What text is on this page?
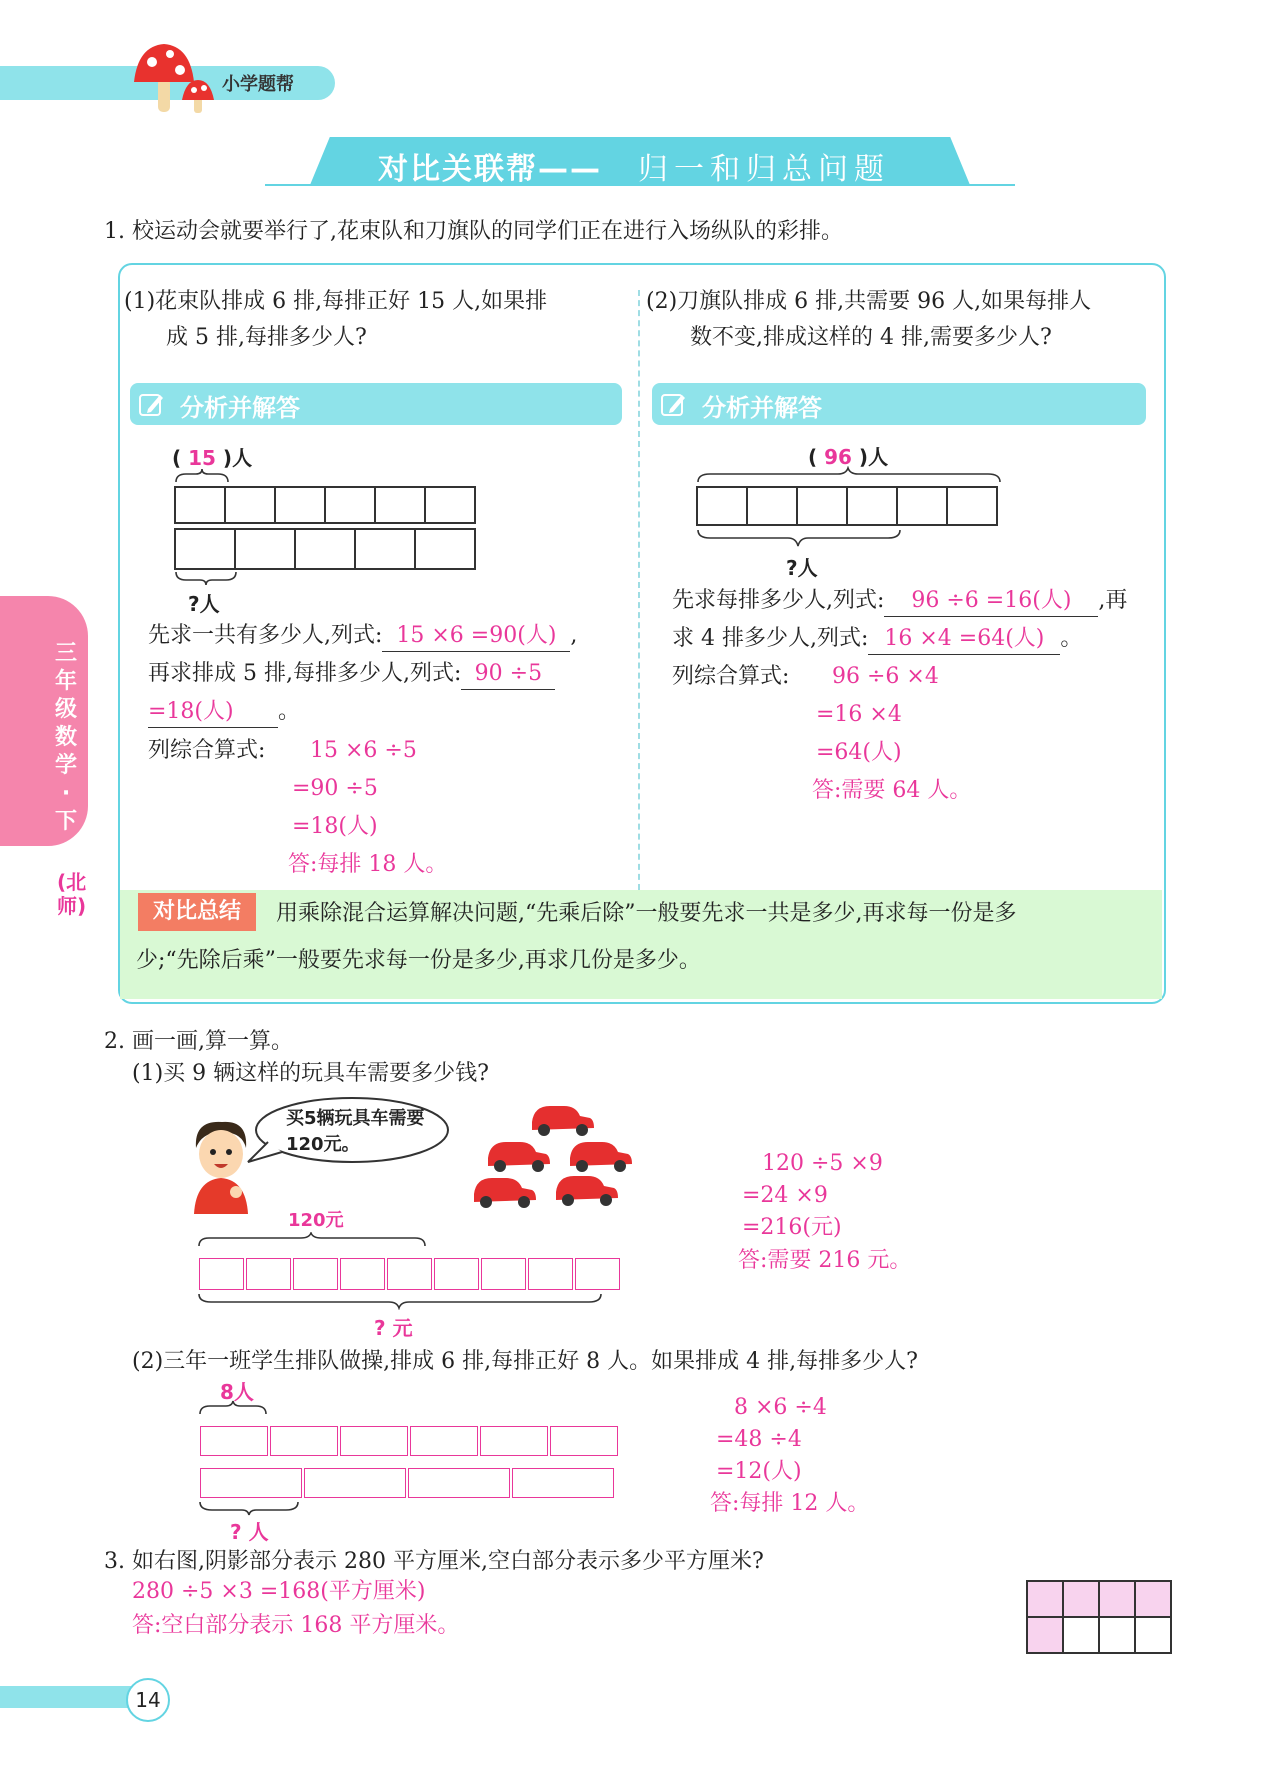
小学题帮
对比关联帮—— 归一和归总问题
三年级数学·下
(北师)
1. 校运动会就要举行了,花束队和刀旗队的同学们正在进行入场纵队的彩排。
(1)花束队排成 6 排,每排正好 15 人,如果排
成 5 排,每排多少人?
分析并解答
( 15 )人

?人
先求一共有多少人,列式: 15 ×6 =90(人) ,
再求排成 5 排,每排多少人,列式: 90 ÷5
=18(人) 。
列综合算式: 15 ×6 ÷5
=90 ÷5
=18(人)
答:每排 18 人。
(2)刀旗队排成 6 排,共需要 96 人,如果每排人
数不变,排成这样的 4 排,需要多少人?
分析并解答
( 96 )人

?人
先求每排多少人,列式: 96 ÷6 =16(人) ,再
求 4 排多少人,列式: 16 ×4 =64(人) 。
列综合算式: 96 ÷6 ×4
=16 ×4
=64(人)
答:需要 64 人。
对比总结	用乘除混合运算解决问题,“先乘后除”一般要先求一共是多少,再求每一份是多
少;“先除后乘”一般要先求每一份是多少,再求几份是多少。
2. 画一画,算一算。
(1)买 9 辆这样的玩具车需要多少钱?
买5辆玩具车需要120元。
120元

? 元
120 ÷5 ×9
=24 ×9
=216(元)
答:需要 216 元。
(2)三年一班学生排队做操,排成 6 排,每排正好 8 人。如果排成 4 排,每排多少人?
8人

? 人
8 ×6 ÷4
=48 ÷4
=12(人)
答:每排 12 人。
3. 如右图,阴影部分表示 280 平方厘米,空白部分表示多少平方厘米?
280 ÷5 ×3 =168(平方厘米)
答:空白部分表示 168 平方厘米。

14
